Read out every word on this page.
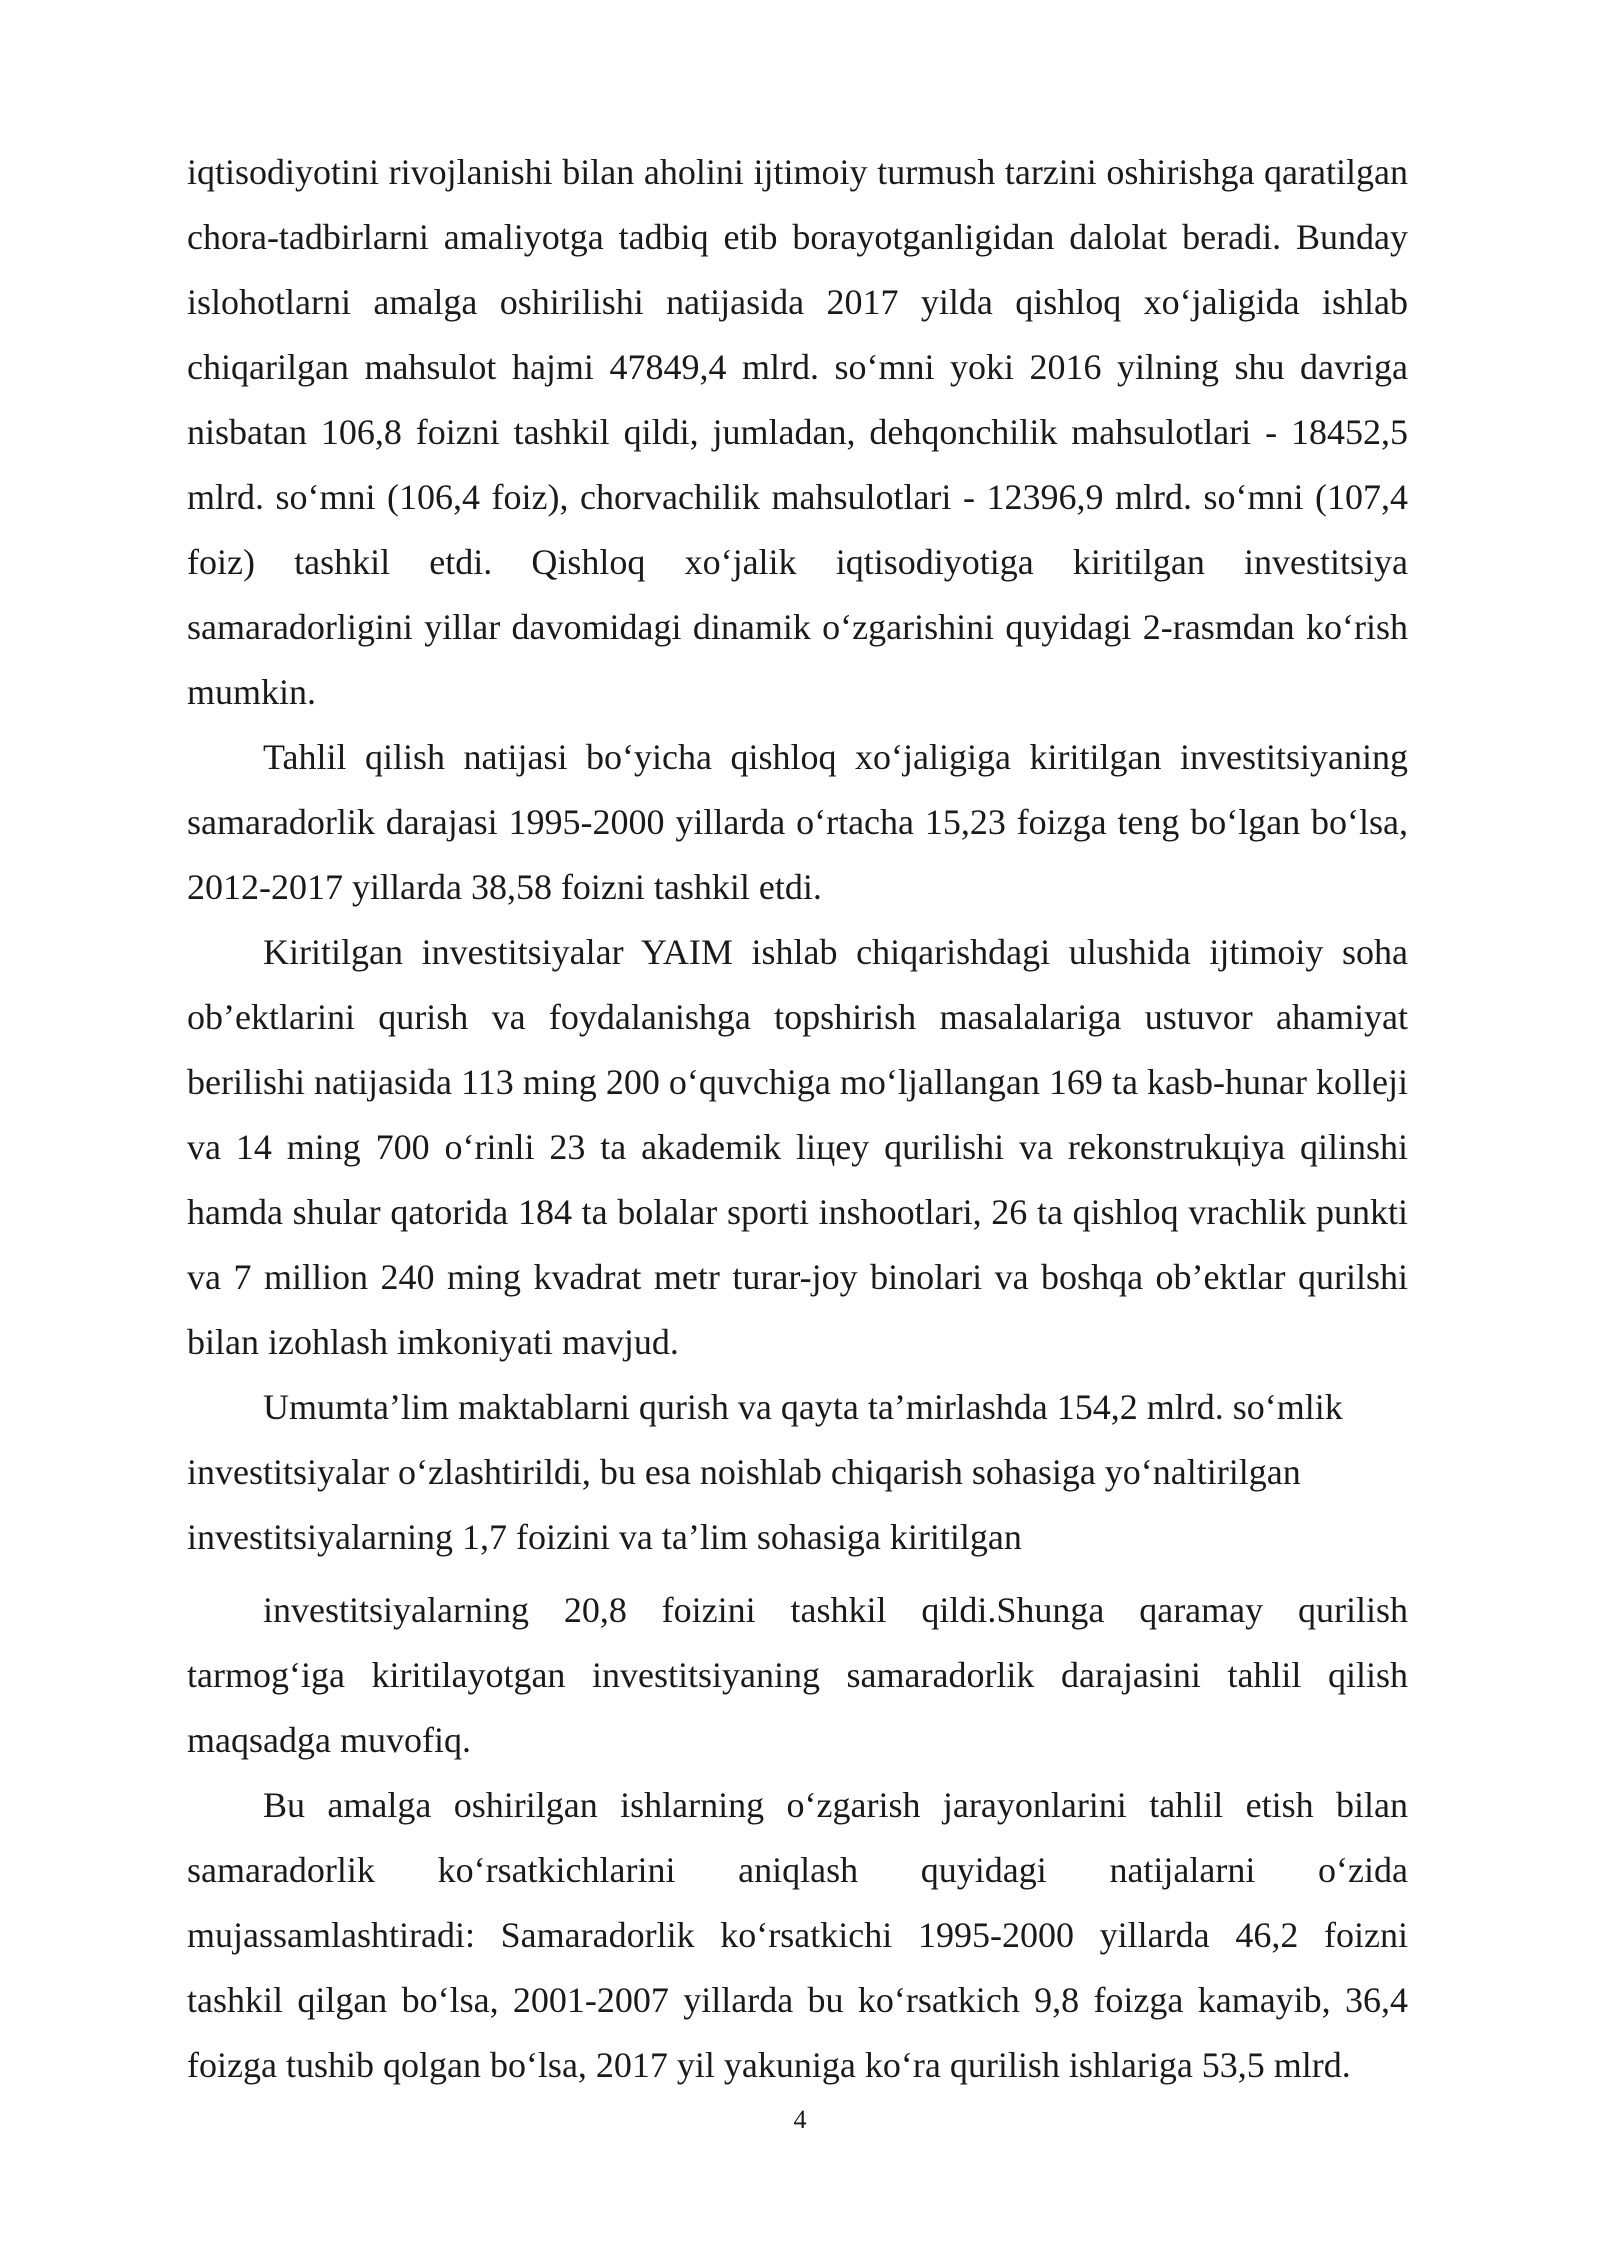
iqtisodiyotini rivojlanishi bilan aholini ijtimoiy turmush tarzini oshirishga qaratilgan chora-tadbirlarni amaliyotga tadbiq etib borayotganligidan dalolat beradi. Bunday islohotlarni amalga oshirilishi natijasida 2017 yilda qishloq xo‘jaligida ishlab chiqarilgan mahsulot hajmi 47849,4 mlrd. so‘mni yoki 2016 yilning shu davriga nisbatan 106,8 foizni tashkil qildi, jumladan, dehqonchilik mahsulotlari - 18452,5 mlrd. so‘mni (106,4 foiz), chorvachilik mahsulotlari - 12396,9 mlrd. so‘mni (107,4 foiz) tashkil etdi. Qishloq xo‘jalik iqtisodiyotiga kiritilgan investitsiya samaradorligini yillar davomidagi dinamik o‘zgarishini quyidagi 2-rasmdan ko‘rish mumkin.

Tahlil qilish natijasi bo‘yicha qishloq xo‘jaligiga kiritilgan investitsiyaning samaradorlik darajasi 1995-2000 yillarda o‘rtacha 15,23 foizga teng bo‘lgan bo‘lsa, 2012-2017 yillarda 38,58 foizni tashkil etdi.

Kiritilgan investitsiyalar YAIM ishlab chiqarishdagi ulushida ijtimoiy soha ob’ektlarini qurish va foydalanishga topshirish masalalariga ustuvor ahamiyat berilishi natijasida 113 ming 200 o‘quvchiga mo‘ljallangan 169 ta kasb-hunar kolleji va 14 ming 700 o‘rinli 23 ta akademik liцey qurilishi va rekonstrukцiya qilinshi hamda shular qatorida 184 ta bolalar sporti inshootlari, 26 ta qishloq vrachlik punkti va 7 million 240 ming kvadrat metr turar-joy binolari va boshqa ob’ektlar qurilshi bilan izohlash imkoniyati mavjud.

Umumta’lim maktablarni qurish va qayta ta’mirlashda 154,2 mlrd. so‘mlik investitsiyalar o‘zlashtirildi, bu esa noishlab chiqarish sohasiga yo‘naltirilgan investitsiyalarning 1,7 foizini va ta’lim sohasiga kiritilgan

investitsiyalarning 20,8 foizini tashkil qildi.Shunga qaramay qurilish tarmog‘iga kiritilayotgan investitsiyaning samaradorlik darajasini tahlil qilish maqsadga muvofiq.

Bu amalga oshirilgan ishlarning o‘zgarish jarayonlarini tahlil etish bilan samaradorlik ko‘rsatkichlarini aniqlash quyidagi natijalarni o‘zida mujassamlashtiradi: Samaradorlik ko‘rsatkichi 1995-2000 yillarda 46,2 foizni tashkil qilgan bo‘lsa, 2001-2007 yillarda bu ko‘rsatkich 9,8 foizga kamayib, 36,4 foizga tushib qolgan bo‘lsa, 2017 yil yakuniga ko‘ra qurilish ishlariga 53,5 mlrd.

4
